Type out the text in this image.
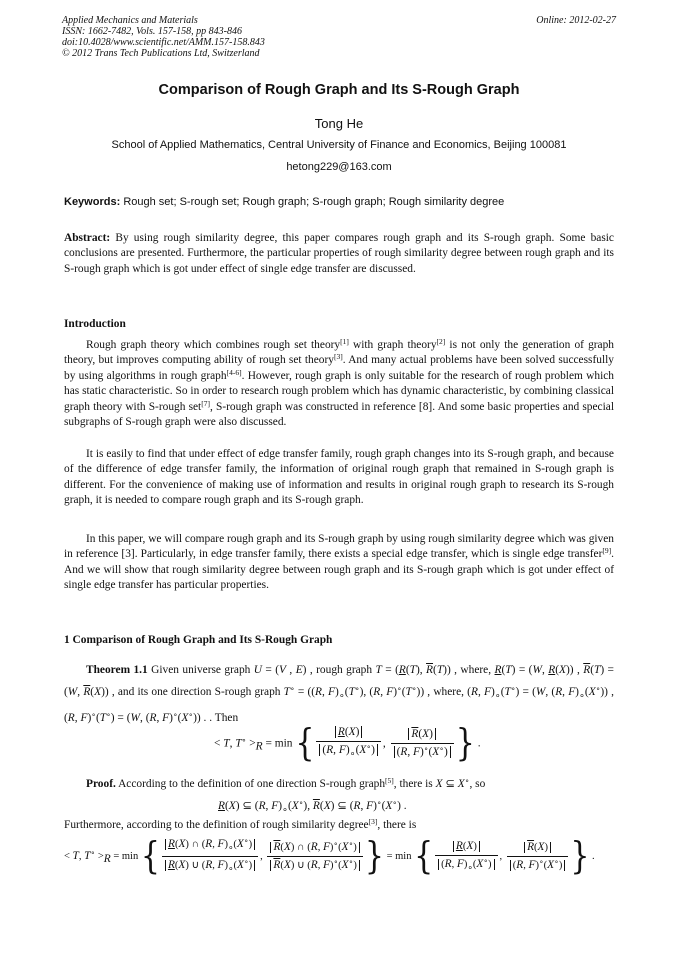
Applied Mechanics and Materials
ISSN: 1662-7482, Vols. 157-158, pp 843-846
doi:10.4028/www.scientific.net/AMM.157-158.843
© 2012 Trans Tech Publications Ltd, Switzerland
Online: 2012-02-27
Comparison of Rough Graph and Its S-Rough Graph
Tong He
School of Applied Mathematics, Central University of Finance and Economics, Beijing 100081
hetong229@163.com
Keywords: Rough set; S-rough set; Rough graph; S-rough graph; Rough similarity degree
Abstract: By using rough similarity degree, this paper compares rough graph and its S-rough graph. Some basic conclusions are presented. Furthermore, the particular properties of rough similarity degree between rough graph and its S-rough graph which is got under effect of single edge transfer are discussed.
Introduction
Rough graph theory which combines rough set theory[1] with graph theory[2] is not only the generation of graph theory, but improves computing ability of rough set theory[3]. And many actual problems have been solved successfully by using algorithms in rough graph[4-6]. However, rough graph is only suitable for the research of rough problem which has static characteristic. So in order to research rough problem which has dynamic characteristic, by combining classical graph theory with S-rough set[7], S-rough graph was constructed in reference [8]. And some basic properties and special subgraphs of S-rough graph were also discussed.
It is easily to find that under effect of edge transfer family, rough graph changes into its S-rough graph, and because of the difference of edge transfer family, the information of original rough graph that remained in S-rough graph is different. For the convenience of making use of information and results in original rough graph to research its S-rough graph, it is needed to compare rough graph and its S-rough graph.
In this paper, we will compare rough graph and its S-rough graph by using rough similarity degree which was given in reference [3]. Particularly, in edge transfer family, there exists a special edge transfer, which is single edge transfer[9]. And we will show that rough similarity degree between rough graph and its S-rough graph which is got under effect of single edge transfer has particular properties.
1 Comparison of Rough Graph and Its S-Rough Graph
Theorem 1.1 Given universe graph U = (V , E) , rough graph T = (R(T), $\overline{R}(T)$) , where, R(T) = (W, R(X)) , $\overline{R}(T) = (W$, $\overline{R}(X)$) , and its one direction S-rough graph T∘ = ((R, $F)_\circ(T^\circ)$, (R, F)∘(T∘)) , where, (R, $F)_\circ(T^\circ) = (W$, (R, $F)_\circ(X^\circ)$) , (R, F)∘(T∘) = (W, (R, F)∘(X∘)) . . Then
< T, $T^\circ >_R = \min$ { $\frac{R(X)}{(R, F)_\circ(X^\circ)}$ , $\frac{\overline{R}(X)}{(R, F)^\circ(X^\circ)}$ } .
Proof. According to the definition of one direction S-rough graph[5], there is X ⊆ X∘, so
R(X) ⊆ (R, $F)_\circ(X^\circ)$, $\overline{R}(X)$ ⊆ (R, F)∘(X∘) .
Furthermore, according to the definition of rough similarity degree[3], there is
< T, $T^\circ >_R = \min$ { $\frac{R(X) \cap (R, F)_\circ(X^\circ)}{R(X) \cup (R, F)_\circ(X^\circ)}$ , $\frac{\overline{R}(X) \cap (R, F)^\circ(X^\circ)}{\overline{R}(X) \cup (R, F)^\circ(X^\circ)}$ } = min { $\frac{R(X)}{(R, F)_\circ(X^\circ)}$ , $\frac{\overline{R}(X)}{(R, F)^\circ(X^\circ)}$ } .
